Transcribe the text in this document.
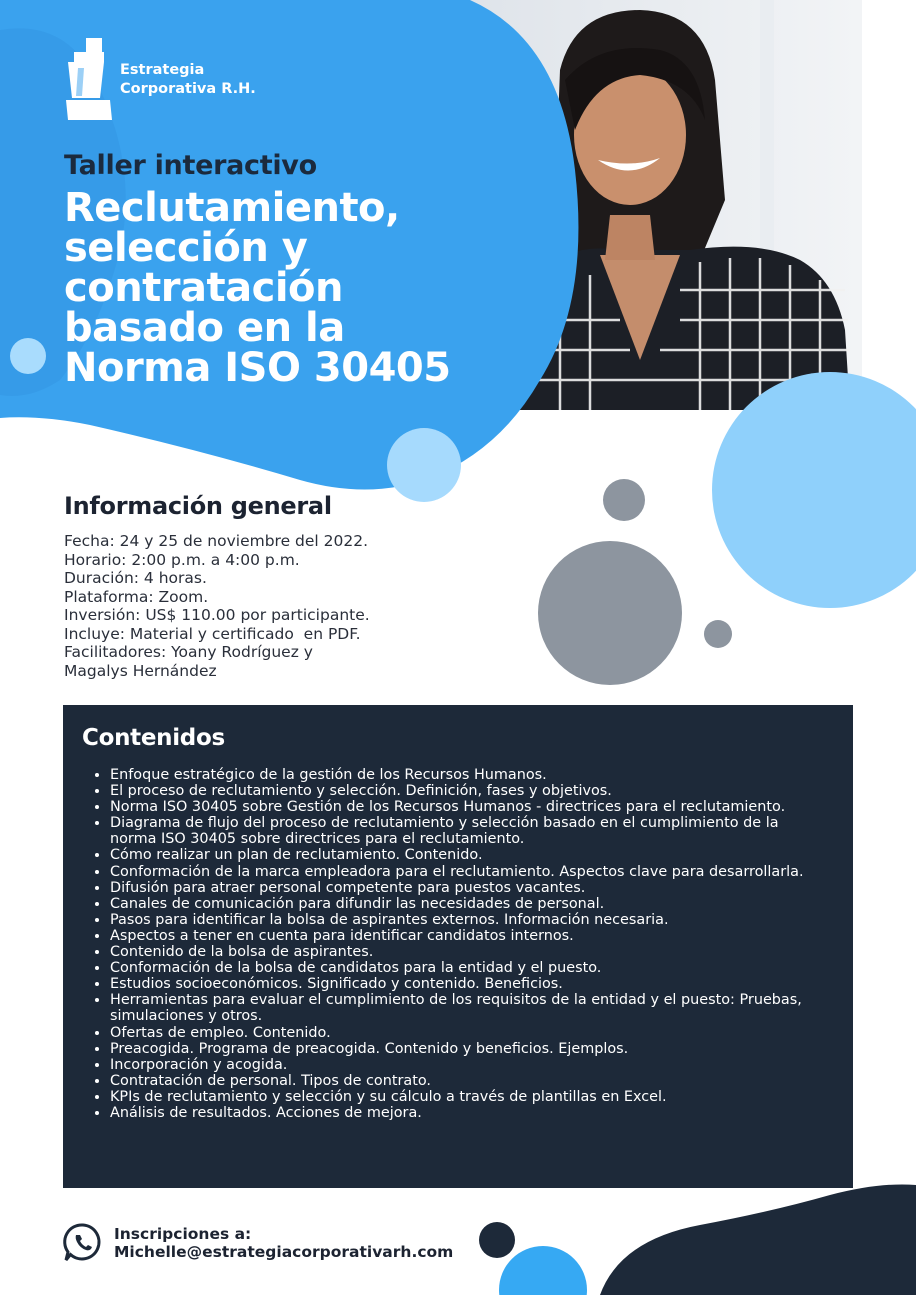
Estrategia
Corporativa R.H.
Taller interactivo
Reclutamiento,
selección y
contratación
basado en la
Norma ISO 30405
Información general
Fecha: 24 y 25 de noviembre del 2022.
Horario: 2:00 p.m. a 4:00 p.m.
Duración: 4 horas.
Plataforma: Zoom.
Inversión: US$ 110.00 por participante.
Incluye: Material y certificado  en PDF.
Facilitadores: Yoany Rodríguez y
Magalys Hernández
Contenidos
• Enfoque estratégico de la gestión de los Recursos Humanos.
• El proceso de reclutamiento y selección. Definición, fases y objetivos.
• Norma ISO 30405 sobre Gestión de los Recursos Humanos - directrices para el reclutamiento.
• Diagrama de flujo del proceso de reclutamiento y selección basado en el cumplimiento de la norma ISO 30405 sobre directrices para el reclutamiento.
• Cómo realizar un plan de reclutamiento. Contenido.
• Conformación de la marca empleadora para el reclutamiento. Aspectos clave para desarrollarla.
• Difusión para atraer personal competente para puestos vacantes.
• Canales de comunicación para difundir las necesidades de personal.
• Pasos para identificar la bolsa de aspirantes externos. Información necesaria.
• Aspectos a tener en cuenta para identificar candidatos internos.
• Contenido de la bolsa de aspirantes.
• Conformación de la bolsa de candidatos para la entidad y el puesto.
• Estudios socioeconómicos. Significado y contenido. Beneficios.
• Herramientas para evaluar el cumplimiento de los requisitos de la entidad y el puesto: Pruebas, simulaciones y otros.
• Ofertas de empleo. Contenido.
• Preacogida. Programa de preacogida. Contenido y beneficios. Ejemplos.
• Incorporación y acogida.
• Contratación de personal. Tipos de contrato.
• KPIs de reclutamiento y selección y su cálculo a través de plantillas en Excel.
• Análisis de resultados. Acciones de mejora.
Inscripciones a:
Michelle@estrategiacorporativarh.com
